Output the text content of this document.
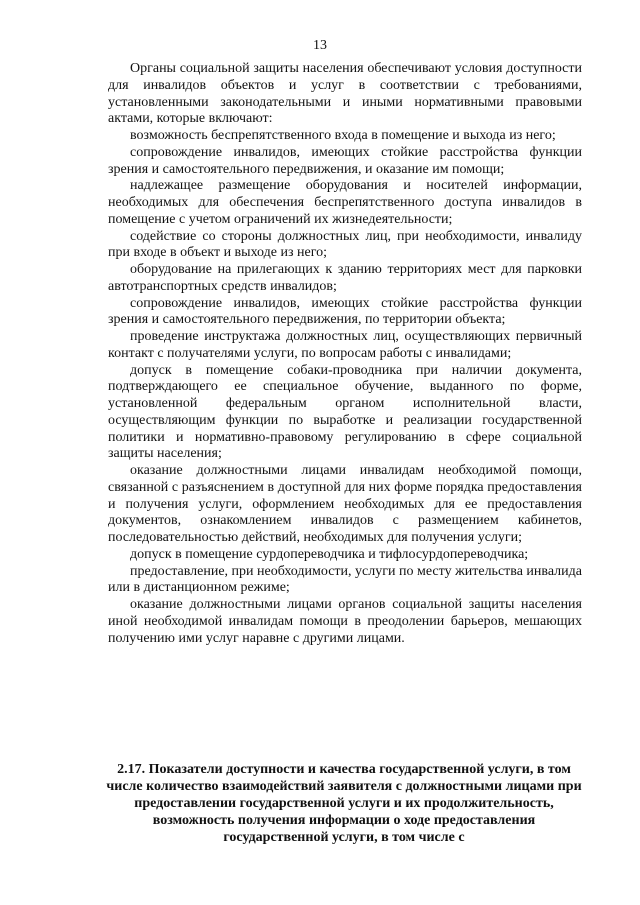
13

Органы социальной защиты населения обеспечивают условия доступности для инвалидов объектов и услуг в соответствии с требованиями, установленными законодательными и иными нормативными правовыми актами, которые включают:

возможность беспрепятственного входа в помещение и выхода из него;

сопровождение инвалидов, имеющих стойкие расстройства функции зрения и самостоятельного передвижения, и оказание им помощи;

надлежащее размещение оборудования и носителей информации, необходимых для обеспечения беспрепятственного доступа инвалидов в помещение с учетом ограничений их жизнедеятельности;

содействие со стороны должностных лиц, при необходимости, инвалиду при входе в объект и выходе из него;

оборудование на прилегающих к зданию территориях мест для парковки автотранспортных средств инвалидов;

сопровождение инвалидов, имеющих стойкие расстройства функции зрения и самостоятельного передвижения, по территории объекта;

проведение инструктажа должностных лиц, осуществляющих первичный контакт с получателями услуги, по вопросам работы с инвалидами;

допуск в помещение собаки-проводника при наличии документа, подтверждающего ее специальное обучение, выданного по форме, установленной федеральным органом исполнительной власти, осуществляющим функции по выработке и реализации государственной политики и нормативно-правовому регулированию в сфере социальной защиты населения;

оказание должностными лицами инвалидам необходимой помощи, связанной с разъяснением в доступной для них форме порядка предоставления и получения услуги, оформлением необходимых для ее предоставления документов, ознакомлением инвалидов с размещением кабинетов, последовательностью действий, необходимых для получения услуги;

допуск в помещение сурдопереводчика и тифлосурдопереводчика;

предоставление, при необходимости, услуги по месту жительства инвалида или в дистанционном режиме;

оказание должностными лицами органов социальной защиты населения иной необходимой инвалидам помощи в преодолении барьеров, мешающих получению ими услуг наравне с другими лицами.

2.17. Показатели доступности и качества государственной услуги, в том числе количество взаимодействий заявителя с должностными лицами при предоставлении государственной услуги и их продолжительность, возможность получения информации о ходе предоставления государственной услуги, в том числе с
